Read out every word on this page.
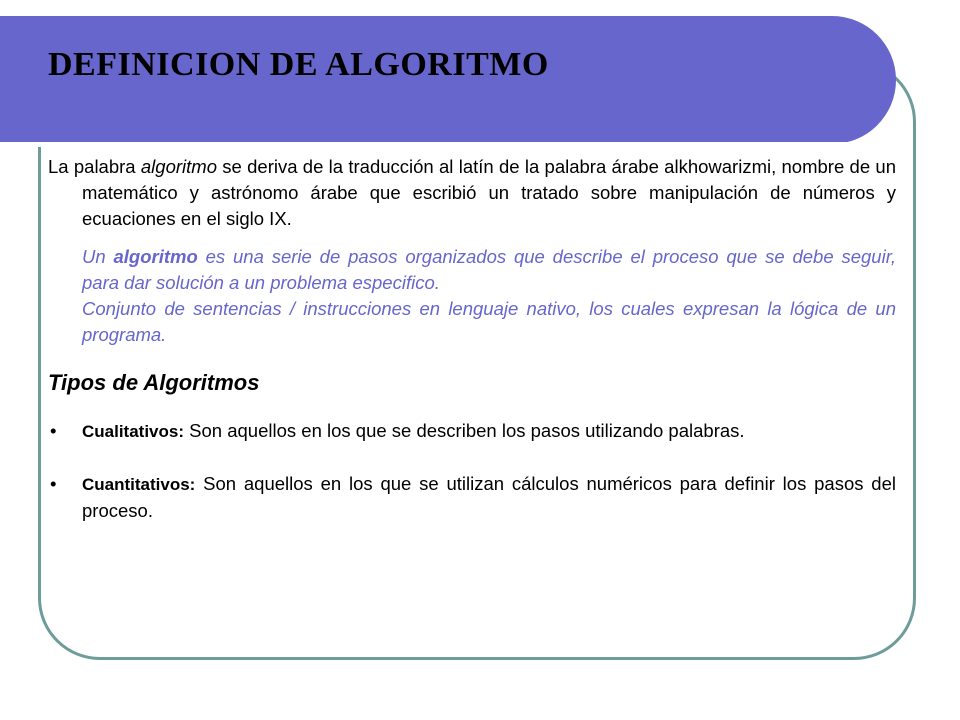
DEFINICION DE ALGORITMO

La palabra algoritmo se deriva de la traducción al latín de la palabra árabe alkhowarizmi, nombre de un matemático y astrónomo árabe que escribió un tratado sobre manipulación de números y ecuaciones en el siglo IX.

Un algoritmo es una serie de pasos organizados que describe el proceso que se debe seguir, para dar solución a un problema especifico.

Conjunto de sentencias / instrucciones en lenguaje nativo, los cuales expresan la lógica de un programa.

Tipos de Algoritmos

• Cualitativos: Son aquellos en los que se describen los pasos utilizando palabras.

• Cuantitativos: Son aquellos en los que se utilizan cálculos numéricos para definir los pasos del proceso.
